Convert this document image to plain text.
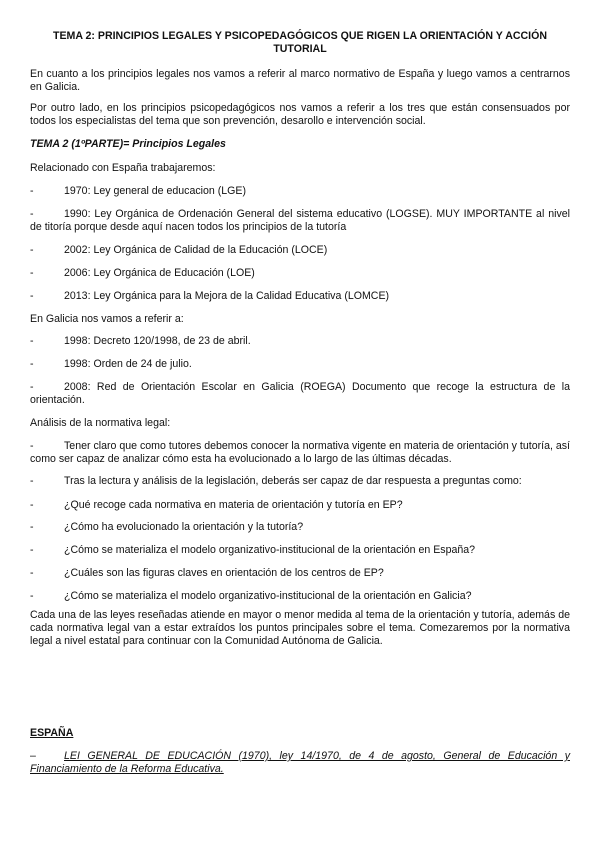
TEMA 2: PRINCIPIOS LEGALES Y PSICOPEDAGÓGICOS QUE RIGEN LA ORIENTACIÓN Y ACCIÓN TUTORIAL
En cuanto a los principios legales nos vamos a referir al marco normativo de España y luego vamos a centrarnos en Galicia.
Por outro lado, en los principios psicopedagógicos nos vamos a referir a los tres que están consensuados por todos los especialistas del tema que son prevención, desarollo e intervención social.
TEMA 2 (1ºPARTE)= Principios Legales
Relacionado con España trabajaremos:
-	1970: Ley general de educacion (LGE)
-	1990: Ley Orgánica de Ordenación General del sistema educativo (LOGSE). MUY IMPORTANTE al nivel de titoría porque desde aquí nacen todos los principios de la tutoría
-	2002: Ley Orgánica de Calidad de la Educación (LOCE)
-	2006: Ley Orgánica de Educación (LOE)
-	2013: Ley Orgánica para la Mejora de la Calidad Educativa (LOMCE)
En Galicia nos vamos a referir a:
-	1998: Decreto 120/1998, de 23 de abril.
-	1998: Orden de 24 de julio.
-	2008: Red de Orientación Escolar en Galicia (ROEGA) Documento que recoge la estructura de la orientación.
Análisis de la normativa legal:
-	Tener claro que como tutores debemos conocer la normativa vigente en materia de orientación y tutoría, así como ser capaz de analizar cómo esta ha evolucionado a lo largo de las últimas décadas.
-	Tras la lectura y análisis de la legislación, deberás ser capaz de dar respuesta a preguntas como:
-	¿Qué recoge cada normativa en materia de orientación y tutoría en EP?
-	¿Cómo ha evolucionado la orientación y la tutoría?
-	¿Cómo se materializa el modelo organizativo-institucional de la orientación en España?
-	¿Cuáles son las figuras claves en orientación de los centros de EP?
-	¿Cómo se materializa el modelo organizativo-institucional de la orientación en Galicia?
Cada una de las leyes reseñadas atiende en mayor o menor medida al tema de la orientación y tutoría, además de cada normativa legal van a estar extraídos los puntos principales sobre el tema. Comezaremos por la normativa legal a nivel estatal para continuar con la Comunidad Autónoma de Galicia.
ESPAÑA
–	LEI GENERAL DE EDUCACIÓN (1970), ley 14/1970, de 4 de agosto, General de Educación y Financiamiento de la Reforma Educativa.
